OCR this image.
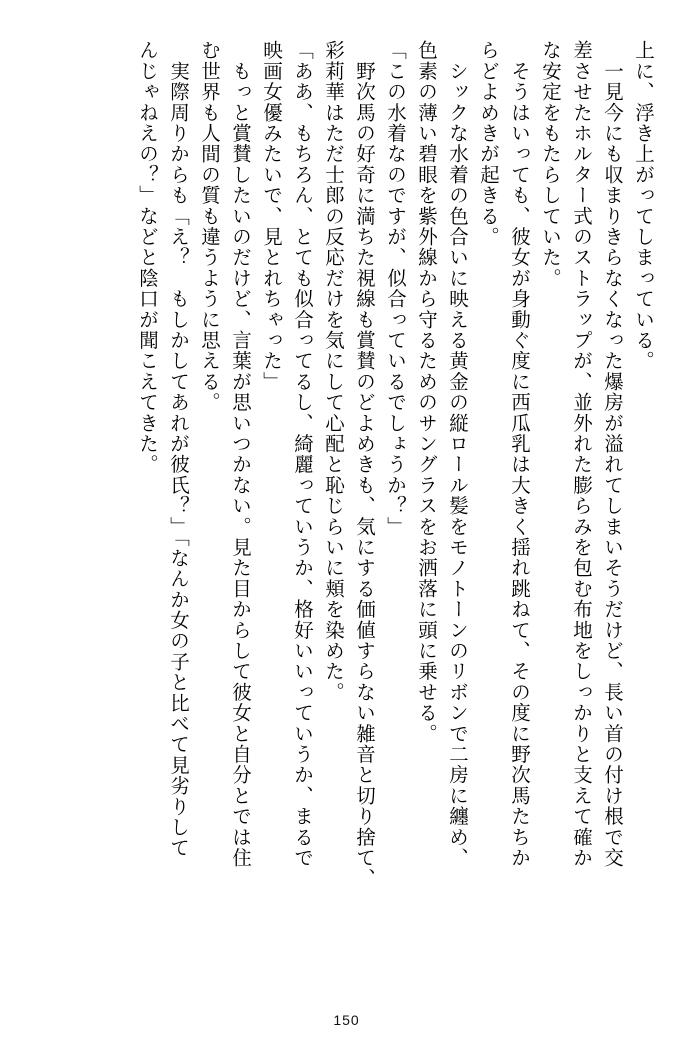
上に、浮き上がってしまっている。
　一見今にも収まりきらなくなった爆房が溢れてしまいそうだけど、長い首の付け根で交
差させたホルター式のストラップが、並外れた膨らみを包む布地をしっかりと支えて確か
な安定をもたらしていた。
　そうはいっても、彼女が身動ぐ度に西瓜乳は大きく揺れ跳ねて、その度に野次馬たちか
らどよめきが起きる。
　シックな水着の色合いに映える黄金の縦ロール髪をモノトーンのリボンで二房に纏め、
色素の薄い碧眼を紫外線から守るためのサングラスをお洒落に頭に乗せる。
「この水着なのですが、似合っているでしょうか？」
　野次馬の好奇に満ちた視線も賞賛のどよめきも、気にする価値すらない雑音と切り捨て、
彩莉華はただ士郎の反応だけを気にして心配と恥じらいに頬を染めた。
「ああ、もちろん、とても似合ってるし、綺麗っていうか、格好いいっていうか、まるで
映画女優みたいで、見とれちゃった」
　もっと賞賛したいのだけど、言葉が思いつかない。見た目からして彼女と自分とでは住
む世界も人間の質も違うように思える。
　実際周りからも「え？　もしかしてあれが彼氏？」「なんか女の子と比べて見劣りして
んじゃねえの？」などと陰口が聞こえてきた。
150
